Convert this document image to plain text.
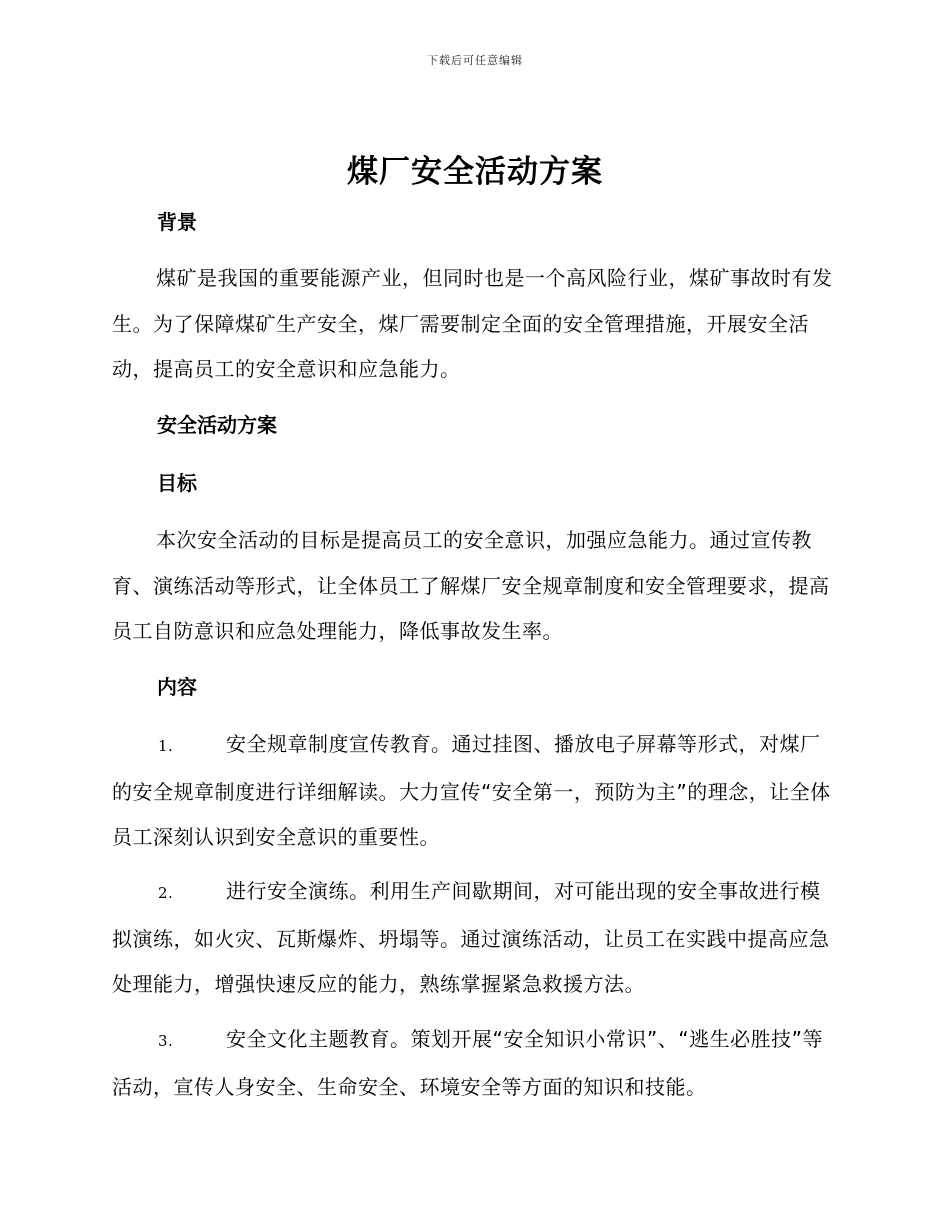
下载后可任意编辑
煤厂安全活动方案
背景
煤矿是我国的重要能源产业，但同时也是一个高风险行业，煤矿事故时有发生。为了保障煤矿生产安全，煤厂需要制定全面的安全管理措施，开展安全活动，提高员工的安全意识和应急能力。
安全活动方案
目标
本次安全活动的目标是提高员工的安全意识，加强应急能力。通过宣传教育、演练活动等形式，让全体员工了解煤厂安全规章制度和安全管理要求，提高员工自防意识和应急处理能力，降低事故发生率。
内容
1.	安全规章制度宣传教育。通过挂图、播放电子屏幕等形式，对煤厂的安全规章制度进行详细解读。大力宣传“安全第一，预防为主”的理念，让全体员工深刻认识到安全意识的重要性。
2.	进行安全演练。利用生产间歇期间，对可能出现的安全事故进行模拟演练，如火灾、瓦斯爆炸、坍塌等。通过演练活动，让员工在实践中提高应急处理能力，增强快速反应的能力，熟练掌握紧急救援方法。
3.	安全文化主题教育。策划开展“安全知识小常识”、“逃生必胜技”等活动，宣传人身安全、生命安全、环境安全等方面的知识和技能。
